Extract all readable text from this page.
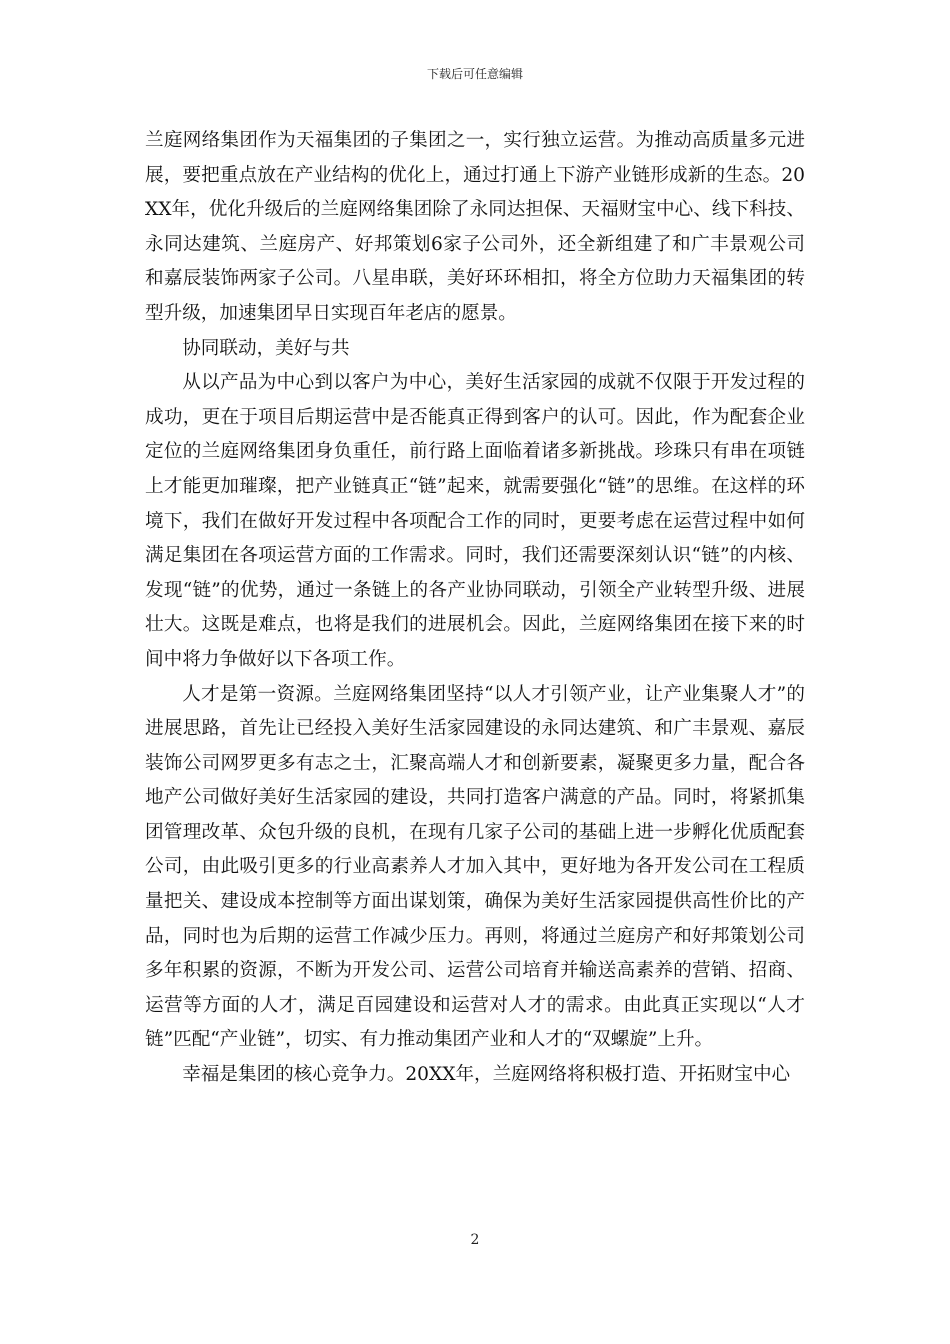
下载后可任意编辑

兰庭网络集团作为天福集团的子集团之一，实行独立运营。为推动高质量多元进展，要把重点放在产业结构的优化上，通过打通上下游产业链形成新的生态。20XX年，优化升级后的兰庭网络集团除了永同达担保、天福财宝中心、线下科技、永同达建筑、兰庭房产、好邦策划6家子公司外，还全新组建了和广丰景观公司和嘉辰装饰两家子公司。八星串联，美好环环相扣，将全方位助力天福集团的转型升级，加速集团早日实现百年老店的愿景。

协同联动，美好与共

从以产品为中心到以客户为中心，美好生活家园的成就不仅限于开发过程的成功，更在于项目后期运营中是否能真正得到客户的认可。因此，作为配套企业定位的兰庭网络集团身负重任，前行路上面临着诸多新挑战。珍珠只有串在项链上才能更加璀璨，把产业链真正“链”起来，就需要强化“链”的思维。在这样的环境下，我们在做好开发过程中各项配合工作的同时，更要考虑在运营过程中如何满足集团在各项运营方面的工作需求。同时，我们还需要深刻认识“链”的内核、发现“链”的优势，通过一条链上的各产业协同联动，引领全产业转型升级、进展壮大。这既是难点，也将是我们的进展机会。因此，兰庭网络集团在接下来的时间中将力争做好以下各项工作。

人才是第一资源。兰庭网络集团坚持“以人才引领产业，让产业集聚人才”的进展思路，首先让已经投入美好生活家园建设的永同达建筑、和广丰景观、嘉辰装饰公司网罗更多有志之士，汇聚高端人才和创新要素，凝聚更多力量，配合各地产公司做好美好生活家园的建设，共同打造客户满意的产品。同时，将紧抓集团管理改革、众包升级的良机，在现有几家子公司的基础上进一步孵化优质配套公司，由此吸引更多的行业高素养人才加入其中，更好地为各开发公司在工程质量把关、建设成本控制等方面出谋划策，确保为美好生活家园提供高性价比的产品，同时也为后期的运营工作减少压力。再则，将通过兰庭房产和好邦策划公司多年积累的资源，不断为开发公司、运营公司培育并输送高素养的营销、招商、运营等方面的人才，满足百园建设和运营对人才的需求。由此真正实现以“人才链”匹配“产业链”，切实、有力推动集团产业和人才的“双螺旋”上升。

幸福是集团的核心竞争力。20XX年，兰庭网络将积极打造、开拓财宝中心

2
